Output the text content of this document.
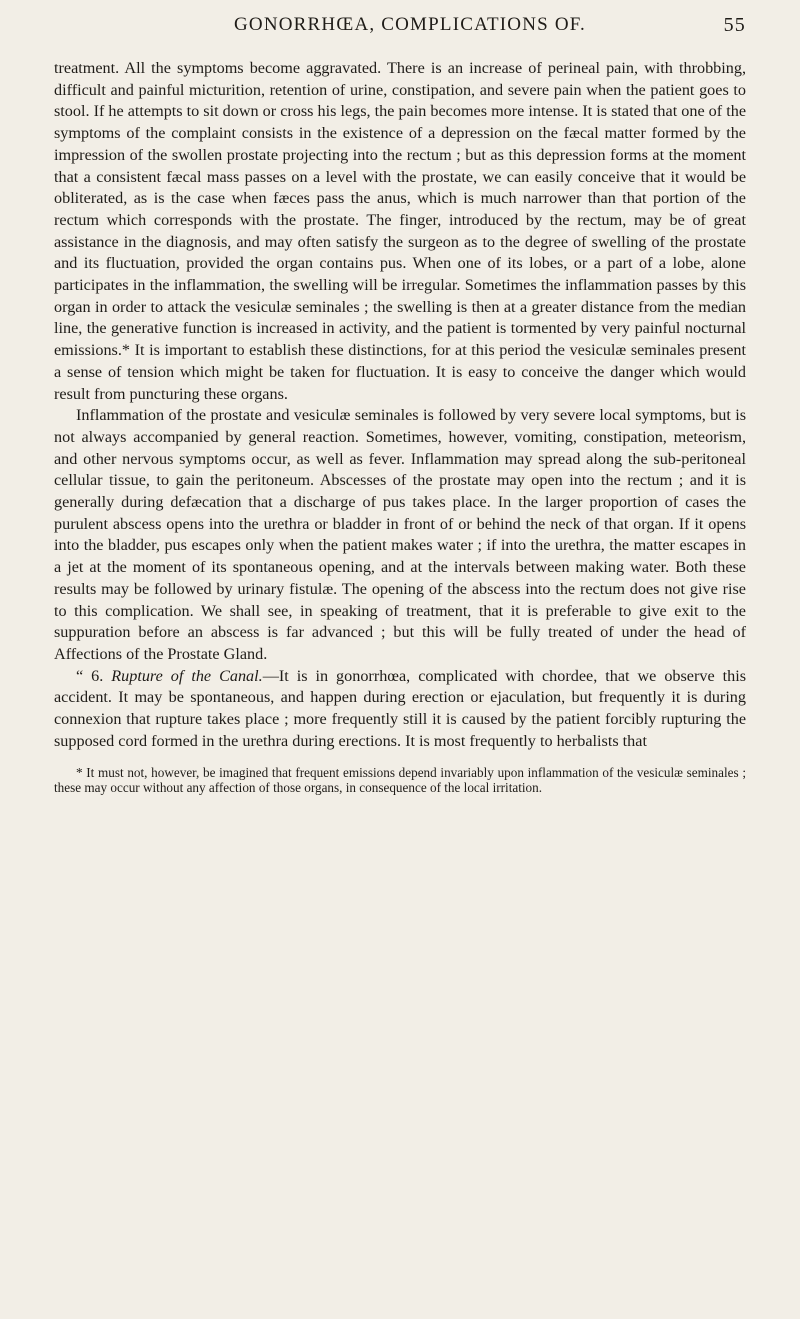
GONORRHŒA, COMPLICATIONS OF.	55

treatment. All the symptoms become aggravated. There is an increase of perineal pain, with throbbing, difficult and painful micturition, retention of urine, constipation, and severe pain when the patient goes to stool. If he attempts to sit down or cross his legs, the pain becomes more intense. It is stated that one of the symptoms of the complaint consists in the existence of a depression on the fæcal matter formed by the impression of the swollen prostate projecting into the rectum ; but as this depression forms at the moment that a consistent fæcal mass passes on a level with the prostate, we can easily conceive that it would be obliterated, as is the case when fæces pass the anus, which is much narrower than that portion of the rectum which corresponds with the prostate. The finger, introduced by the rectum, may be of great assistance in the diagnosis, and may often satisfy the surgeon as to the degree of swelling of the prostate and its fluctuation, provided the organ contains pus. When one of its lobes, or a part of a lobe, alone participates in the inflammation, the swelling will be irregular. Sometimes the inflammation passes by this organ in order to attack the vesiculæ seminales ; the swelling is then at a greater distance from the median line, the generative function is increased in activity, and the patient is tormented by very painful nocturnal emissions.* It is important to establish these distinctions, for at this period the vesiculæ seminales present a sense of tension which might be taken for fluctuation. It is easy to conceive the danger which would result from puncturing these organs.

Inflammation of the prostate and vesiculæ seminales is followed by very severe local symptoms, but is not always accompanied by general reaction. Sometimes, however, vomiting, constipation, meteorism, and other nervous symptoms occur, as well as fever. Inflammation may spread along the sub-peritoneal cellular tissue, to gain the peritoneum. Abscesses of the prostate may open into the rectum ; and it is generally during defæcation that a discharge of pus takes place. In the larger proportion of cases the purulent abscess opens into the urethra or bladder in front of or behind the neck of that organ. If it opens into the bladder, pus escapes only when the patient makes water ; if into the urethra, the matter escapes in a jet at the moment of its spontaneous opening, and at the intervals between making water. Both these results may be followed by urinary fistulæ. The opening of the abscess into the rectum does not give rise to this complication. We shall see, in speaking of treatment, that it is preferable to give exit to the suppuration before an abscess is far advanced ; but this will be fully treated of under the head of Affections of the Prostate Gland.

“ 6. Rupture of the Canal.—It is in gonorrhœa, complicated with chordee, that we observe this accident. It may be spontaneous, and happen during erection or ejaculation, but frequently it is during connexion that rupture takes place ; more frequently still it is caused by the patient forcibly rupturing the supposed cord formed in the urethra during erections. It is most frequently to herbalists that

* It must not, however, be imagined that frequent emissions depend invariably upon inflammation of the vesiculæ seminales ; these may occur without any affection of those organs, in consequence of the local irritation.
